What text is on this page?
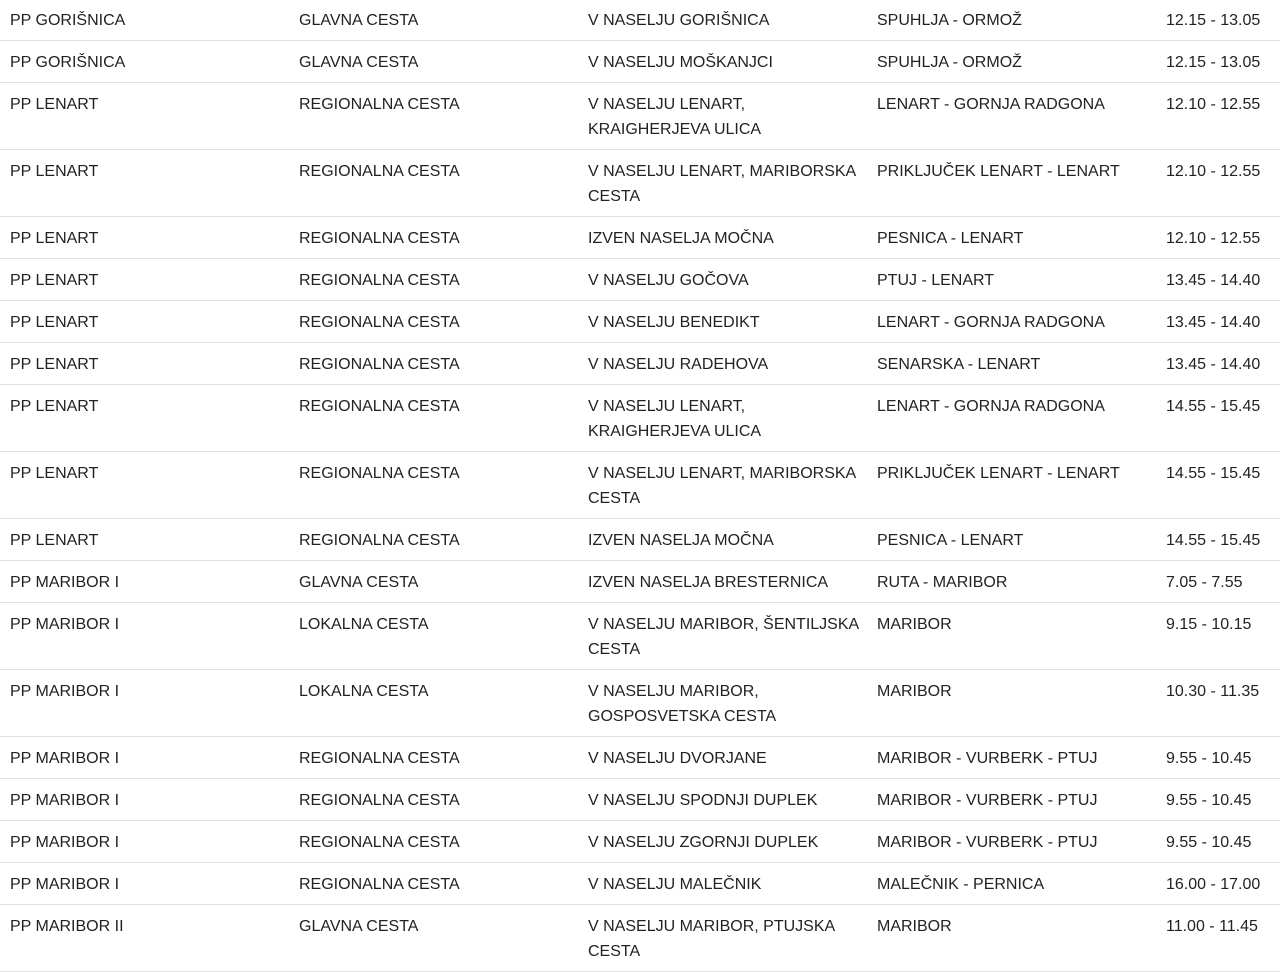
PP GORIŠNICA	GLAVNA CESTA	V NASELJU GORIŠNICA	SPUHLJA - ORMOŽ	12.15 - 13.05
PP GORIŠNICA	GLAVNA CESTA	V NASELJU MOŠKANJCI	SPUHLJA - ORMOŽ	12.15 - 13.05
PP LENART	REGIONALNA CESTA	V NASELJU LENART, KRAIGHERJEVA ULICA	LENART - GORNJA RADGONA	12.10 - 12.55
PP LENART	REGIONALNA CESTA	V NASELJU LENART, MARIBORSKA CESTA	PRIKLJUČEK LENART - LENART	12.10 - 12.55
PP LENART	REGIONALNA CESTA	IZVEN NASELJA MOČNA	PESNICA - LENART	12.10 - 12.55
PP LENART	REGIONALNA CESTA	V NASELJU GOČOVA	PTUJ - LENART	13.45 - 14.40
PP LENART	REGIONALNA CESTA	V NASELJU BENEDIKT	LENART - GORNJA RADGONA	13.45 - 14.40
PP LENART	REGIONALNA CESTA	V NASELJU RADEHOVA	SENARSKA - LENART	13.45 - 14.40
PP LENART	REGIONALNA CESTA	V NASELJU LENART, KRAIGHERJEVA ULICA	LENART - GORNJA RADGONA	14.55 - 15.45
PP LENART	REGIONALNA CESTA	V NASELJU LENART, MARIBORSKA CESTA	PRIKLJUČEK LENART - LENART	14.55 - 15.45
PP LENART	REGIONALNA CESTA	IZVEN NASELJA MOČNA	PESNICA - LENART	14.55 - 15.45
PP MARIBOR I	GLAVNA CESTA	IZVEN NASELJA BRESTERNICA	RUTA - MARIBOR	7.05 - 7.55
PP MARIBOR I	LOKALNA CESTA	V NASELJU MARIBOR, ŠENTILJSKA CESTA	MARIBOR	9.15 - 10.15
PP MARIBOR I	LOKALNA CESTA	V NASELJU MARIBOR, GOSPOSVETSKA CESTA	MARIBOR	10.30 - 11.35
PP MARIBOR I	REGIONALNA CESTA	V NASELJU DVORJANE	MARIBOR - VURBERK - PTUJ	9.55 - 10.45
PP MARIBOR I	REGIONALNA CESTA	V NASELJU SPODNJI DUPLEK	MARIBOR - VURBERK - PTUJ	9.55 - 10.45
PP MARIBOR I	REGIONALNA CESTA	V NASELJU ZGORNJI DUPLEK	MARIBOR - VURBERK - PTUJ	9.55 - 10.45
PP MARIBOR I	REGIONALNA CESTA	V NASELJU MALEČNIK	MALEČNIK - PERNICA	16.00 - 17.00
PP MARIBOR II	GLAVNA CESTA	V NASELJU MARIBOR, PTUJSKA CESTA	MARIBOR	11.00 - 11.45
